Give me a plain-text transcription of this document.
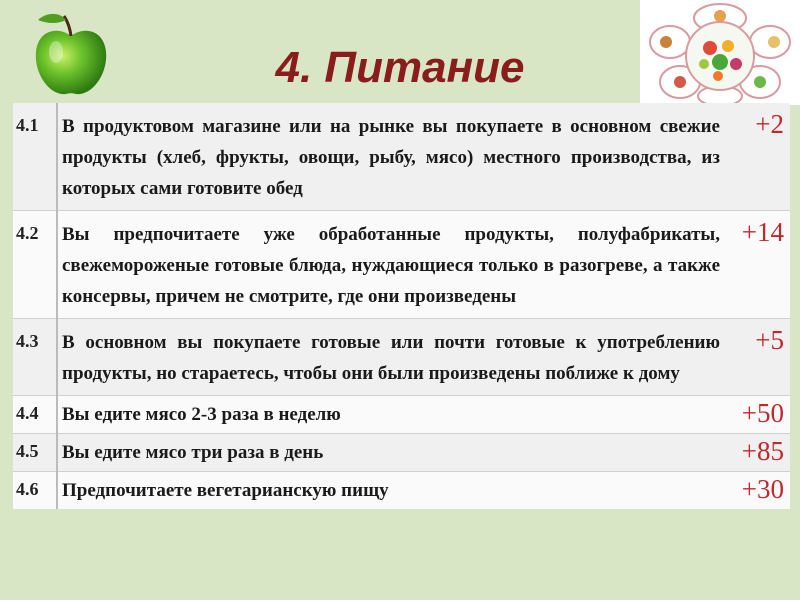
4. Питание
4.1	В продуктовом магазине или на рынке вы покупаете в основном свежие продукты (хлеб, фрукты, овощи, рыбу, мясо) местного производства, из которых сами готовите обед	+2
4.2	Вы предпочитаете уже обработанные продукты, полуфабрикаты, свежемороженые готовые блюда, нуждающиеся только в разогреве, а также консервы, причем не смотрите, где они произведены	+14
4.3	В основном вы покупаете готовые или почти готовые к употреблению продукты, но стараетесь, чтобы они были произведены поближе к дому	+5
4.4	Вы едите мясо 2-3 раза в неделю	+50
4.5	Вы едите мясо три раза в день	+85
4.6	Предпочитаете вегетарианскую пищу	+30
